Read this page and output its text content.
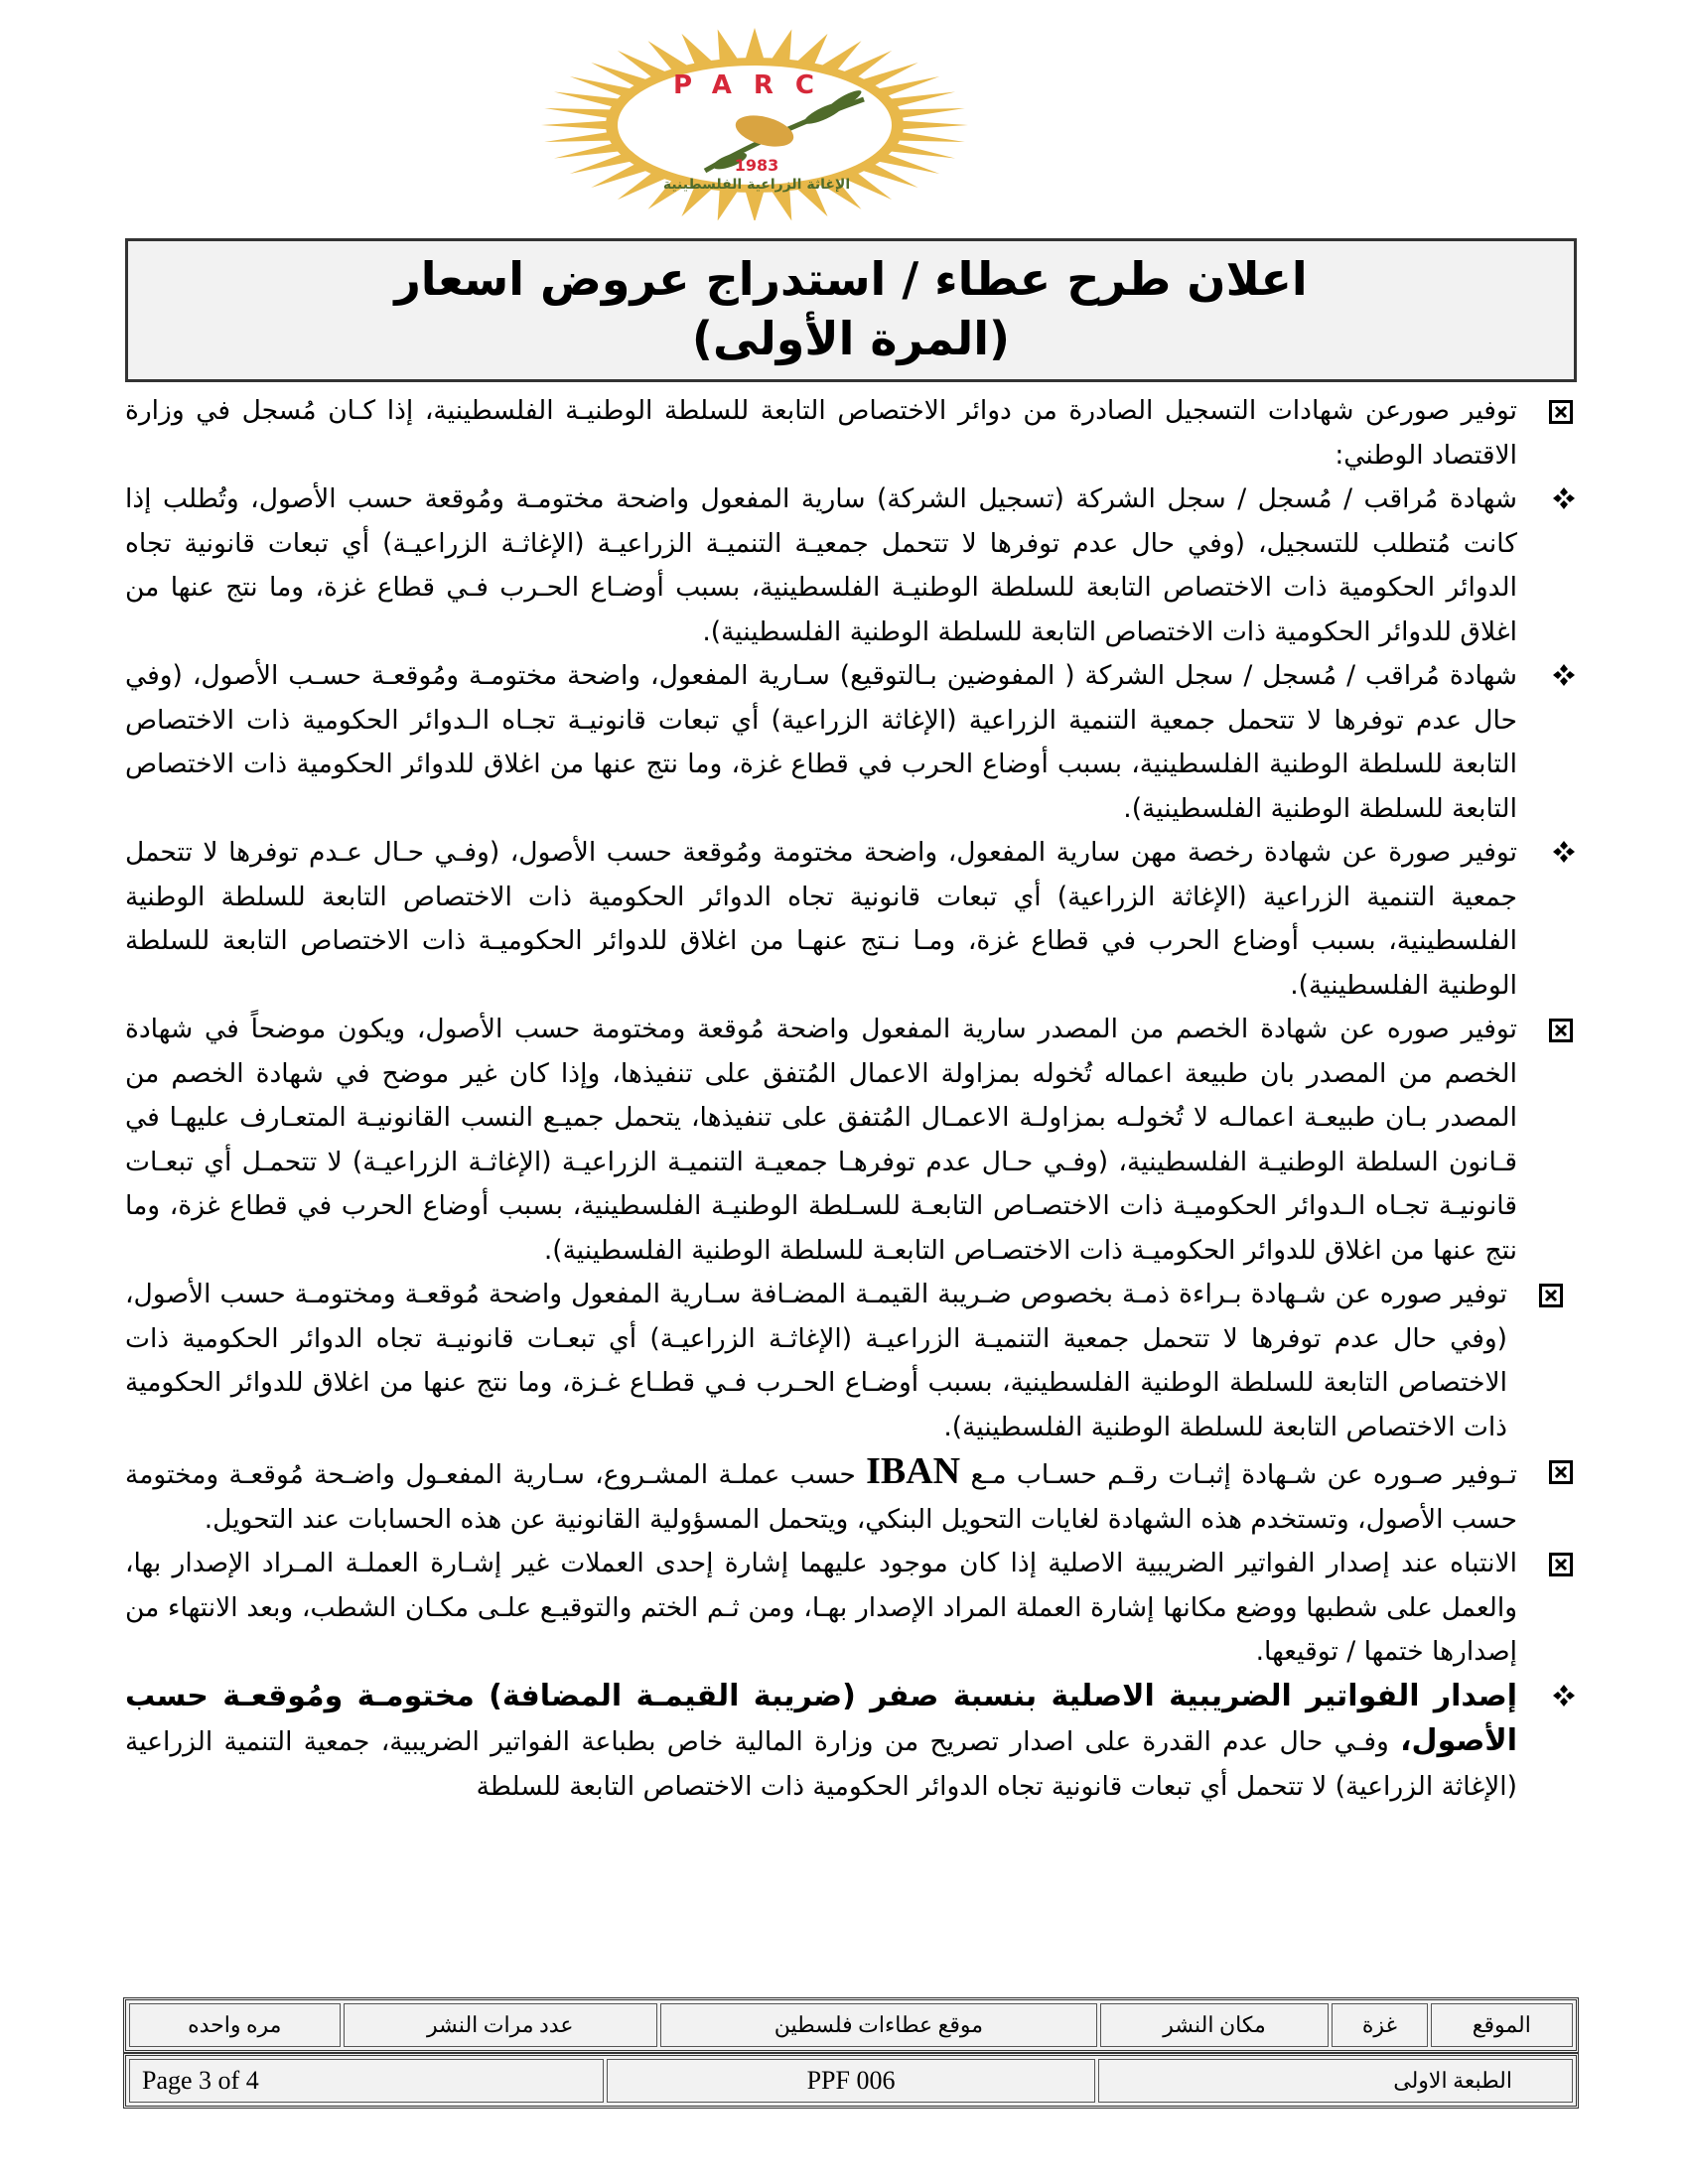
PARC
1983
الإغاثة الزراعية الفلسطينية
اعلان طرح عطاء / استدراج عروض اسعار
(المرة الأولى)
توفير صورعن شهادات التسجيل الصادرة من دوائر الاختصاص التابعة للسلطة الوطنيـة الفلسطينية، إذا كـان مُسجل في وزارة الاقتصاد الوطني:
شهادة مُراقب / مُسجل / سجل الشركة (تسجيل الشركة) سارية المفعول واضحة مختومـة ومُوقعة حسب الأصول، وتُطلب إذا كانت مُتطلب للتسجيل، (وفي حال عدم توفرها لا تتحمل جمعيـة التنميـة الزراعيـة (الإغاثـة الزراعيـة) أي تبعات قانونية تجاه الدوائر الحكومية ذات الاختصاص التابعة للسلطة الوطنيـة الفلسطينية، بسبب أوضـاع الحـرب فـي قطاع غزة، وما نتج عنها من اغلاق للدوائر الحكومية ذات الاختصاص التابعة للسلطة الوطنية الفلسطينية).
شهادة مُراقب / مُسجل / سجل الشركة ( المفوضين بـالتوقيع) سـارية المفعول، واضحة مختومـة ومُوقعـة حسـب الأصول، (وفي حال عدم توفرها لا تتحمل جمعية التنمية الزراعية (الإغاثة الزراعية) أي تبعات قانونيـة تجـاه الـدوائر الحكومية ذات الاختصاص التابعة للسلطة الوطنية الفلسطينية، بسبب أوضاع الحرب في قطاع غزة، وما نتج عنها من اغلاق للدوائر الحكومية ذات الاختصاص التابعة للسلطة الوطنية الفلسطينية).
توفير صورة عن شهادة رخصة مهن سارية المفعول، واضحة مختومة ومُوقعة حسب الأصول، (وفـي حـال عـدم توفرها لا تتحمل جمعية التنمية الزراعية (الإغاثة الزراعية) أي تبعات قانونية تجاه الدوائر الحكومية ذات الاختصاص التابعة للسلطة الوطنية الفلسطينية، بسبب أوضاع الحرب في قطاع غزة، ومـا نـتج عنهـا من اغلاق للدوائر الحكوميـة ذات الاختصاص التابعة للسلطة الوطنية الفلسطينية).
توفير صوره عن شهادة الخصم من المصدر سارية المفعول واضحة مُوقعة ومختومة حسب الأصول، ويكون موضحاً في شهادة الخصم من المصدر بان طبيعة اعماله تُخوله بمزاولة الاعمال المُتفق على تنفيذها، وإذا كان غير موضح في شهادة الخصم من المصدر بـان طبيعـة اعمالـه لا تُخولـه بمزاولـة الاعمـال المُتفق على تنفيذها، يتحمل جميـع النسب القانونيـة المتعـارف عليهـا في قـانون السلطة الوطنيـة الفلسطينية، (وفـي حـال عدم توفرهـا جمعيـة التنميـة الزراعيـة (الإغاثـة الزراعيـة) لا تتحمـل أي تبعـات قانونيـة تجـاه الـدوائر الحكوميـة ذات الاختصـاص التابعـة للسـلطة الوطنيـة الفلسطينية، بسبب أوضاع الحرب في قطاع غزة، وما نتج عنها من اغلاق للدوائر الحكوميـة ذات الاختصـاص التابعـة للسلطة الوطنية الفلسطينية).
توفير صوره عن شـهادة بـراءة ذمـة بخصوص ضـريبة القيمـة المضـافة سـارية المفعول واضحة مُوقعـة ومختومـة حسب الأصول، (وفي حال عدم توفرها لا تتحمل جمعية التنميـة الزراعيـة (الإغاثـة الزراعيـة) أي تبعـات قانونيـة تجاه الدوائر الحكومية ذات الاختصاص التابعة للسلطة الوطنية الفلسطينية، بسبب أوضـاع الحـرب فـي قطـاع غـزة، وما نتج عنها من اغلاق للدوائر الحكومية ذات الاختصاص التابعة للسلطة الوطنية الفلسطينية).
تـوفير صـوره عن شـهادة إثبـات رقـم حسـاب مـع IBAN حسب عملـة المشـروع، سـارية المفعـول واضـحة مُوقعـة ومختومة حسب الأصول، وتستخدم هذه الشهادة لغايات التحويل البنكي، ويتحمل المسؤولية القانونية عن هذه الحسابات عند التحويل.
الانتباه عند إصدار الفواتير الضريبية الاصلية إذا كان موجود عليهما إشارة إحدى العملات غير إشـارة العملـة المـراد الإصدار بها، والعمل على شطبها ووضع مكانها إشارة العملة المراد الإصدار بهـا، ومن ثـم الختم والتوقيـع علـى مكـان الشطب، وبعد الانتهاء من إصدارها ختمها / توقيعها.
إصدار الفواتير الضريبية الاصلية بنسبة صفر (ضريبة القيمـة المضافة) مختومـة ومُوقعـة حسب الأصول، وفـي حال عدم القدرة على اصدار تصريح من وزارة المالية خاص بطباعة الفواتير الضريبية، جمعية التنمية الزراعية (الإغاثة الزراعية) لا تتحمل أي تبعات قانونية تجاه الدوائر الحكومية ذات الاختصاص التابعة للسلطة
الموقع	غزة	مكان النشر	موقع عطاءات فلسطين	عدد مرات النشر	مره واحده
الطبعة الاولى	PPF 006	Page 3 of 4
